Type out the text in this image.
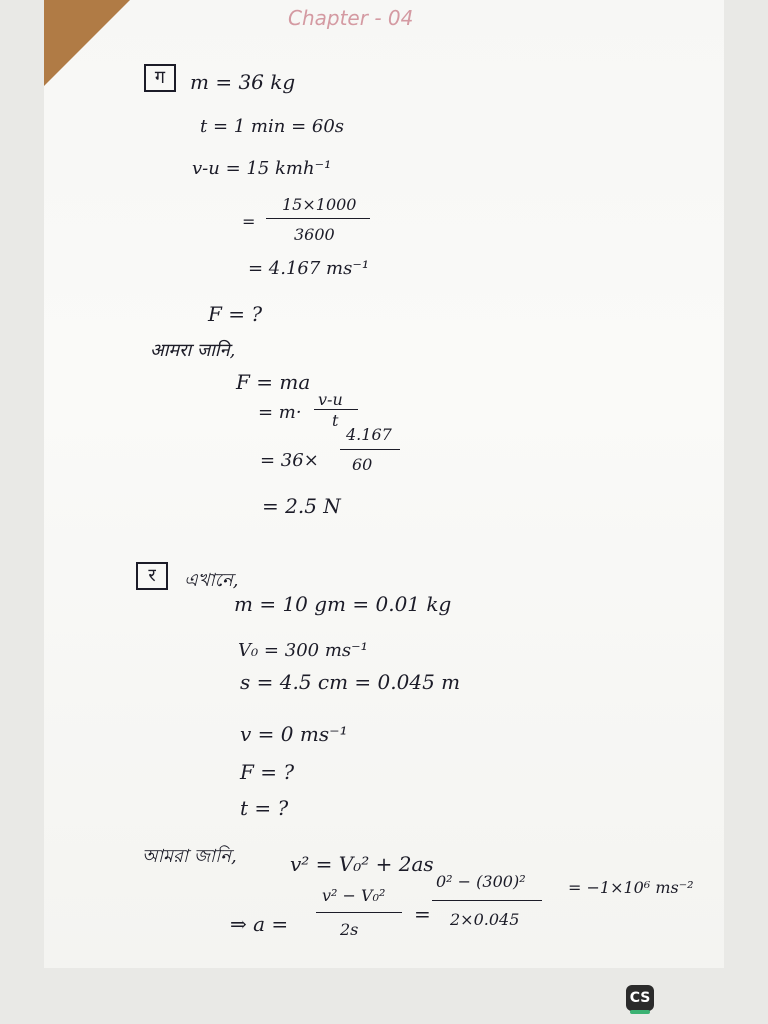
Chapter - 04
ग	m = 36 kg
t = 1 min = 60s
v-u = 15 kmh⁻¹
=
15×1000
3600
= 4.167 ms⁻¹
F = ?
आमरा जानि,
F = ma
= m·
v-u
t
= 36×
4.167
60
= 2.5 N
र	এখানে,
m = 10 gm = 0.01 kg
V₀ = 300 ms⁻¹
s = 4.5 cm = 0.045 m
v = 0 ms⁻¹
F = ?
t = ?
আমরা জানি,	v² = V₀² + 2as
⇒ a =
v² − V₀²
2s
=
0² − (300)²
2×0.045
= −1×10⁶ ms⁻²
CS
